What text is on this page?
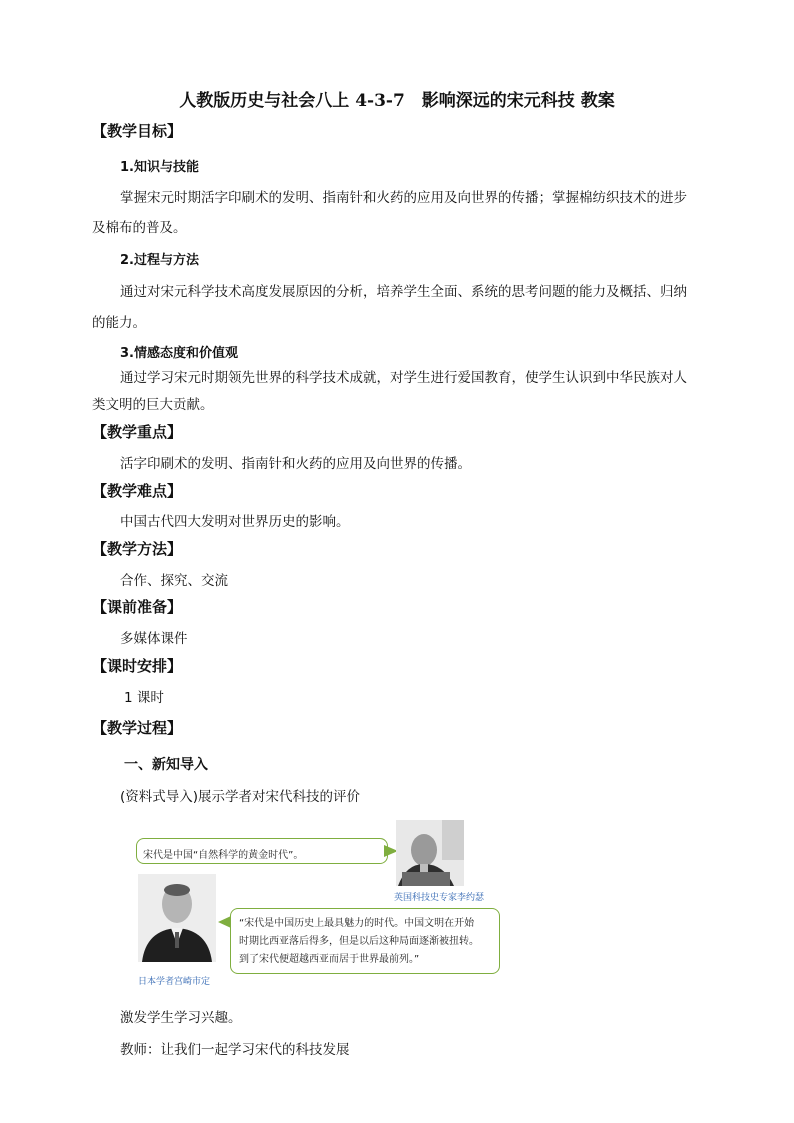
人教版历史与社会八上 4-3-7　影响深远的宋元科技 教案
【教学目标】
1.知识与技能
掌握宋元时期活字印刷术的发明、指南针和火药的应用及向世界的传播；掌握棉纺织技术的进步
及棉布的普及。
2.过程与方法
通过对宋元科学技术高度发展原因的分析，培养学生全面、系统的思考问题的能力及概括、归纳
的能力。
3.情感态度和价值观
通过学习宋元时期领先世界的科学技术成就，对学生进行爱国教育，使学生认识到中华民族对人
类文明的巨大贡献。
【教学重点】
活字印刷术的发明、指南针和火药的应用及向世界的传播。
【教学难点】
中国古代四大发明对世界历史的影响。
【教学方法】
合作、探究、交流
【课前准备】
多媒体课件
【课时安排】
1 课时
【教学过程】
一、新知导入
(资料式导入)展示学者对宋代科技的评价
宋代是中国“自然科学的黄金时代”。
英国科技史专家李约瑟
日本学者宫崎市定
“宋代是中国历史上最具魅力的时代。中国文明在开始
时期比西亚落后得多，但是以后这种局面逐渐被扭转。
到了宋代便超越西亚而居于世界最前列。”
激发学生学习兴趣。
教师：让我们一起学习宋代的科技发展
